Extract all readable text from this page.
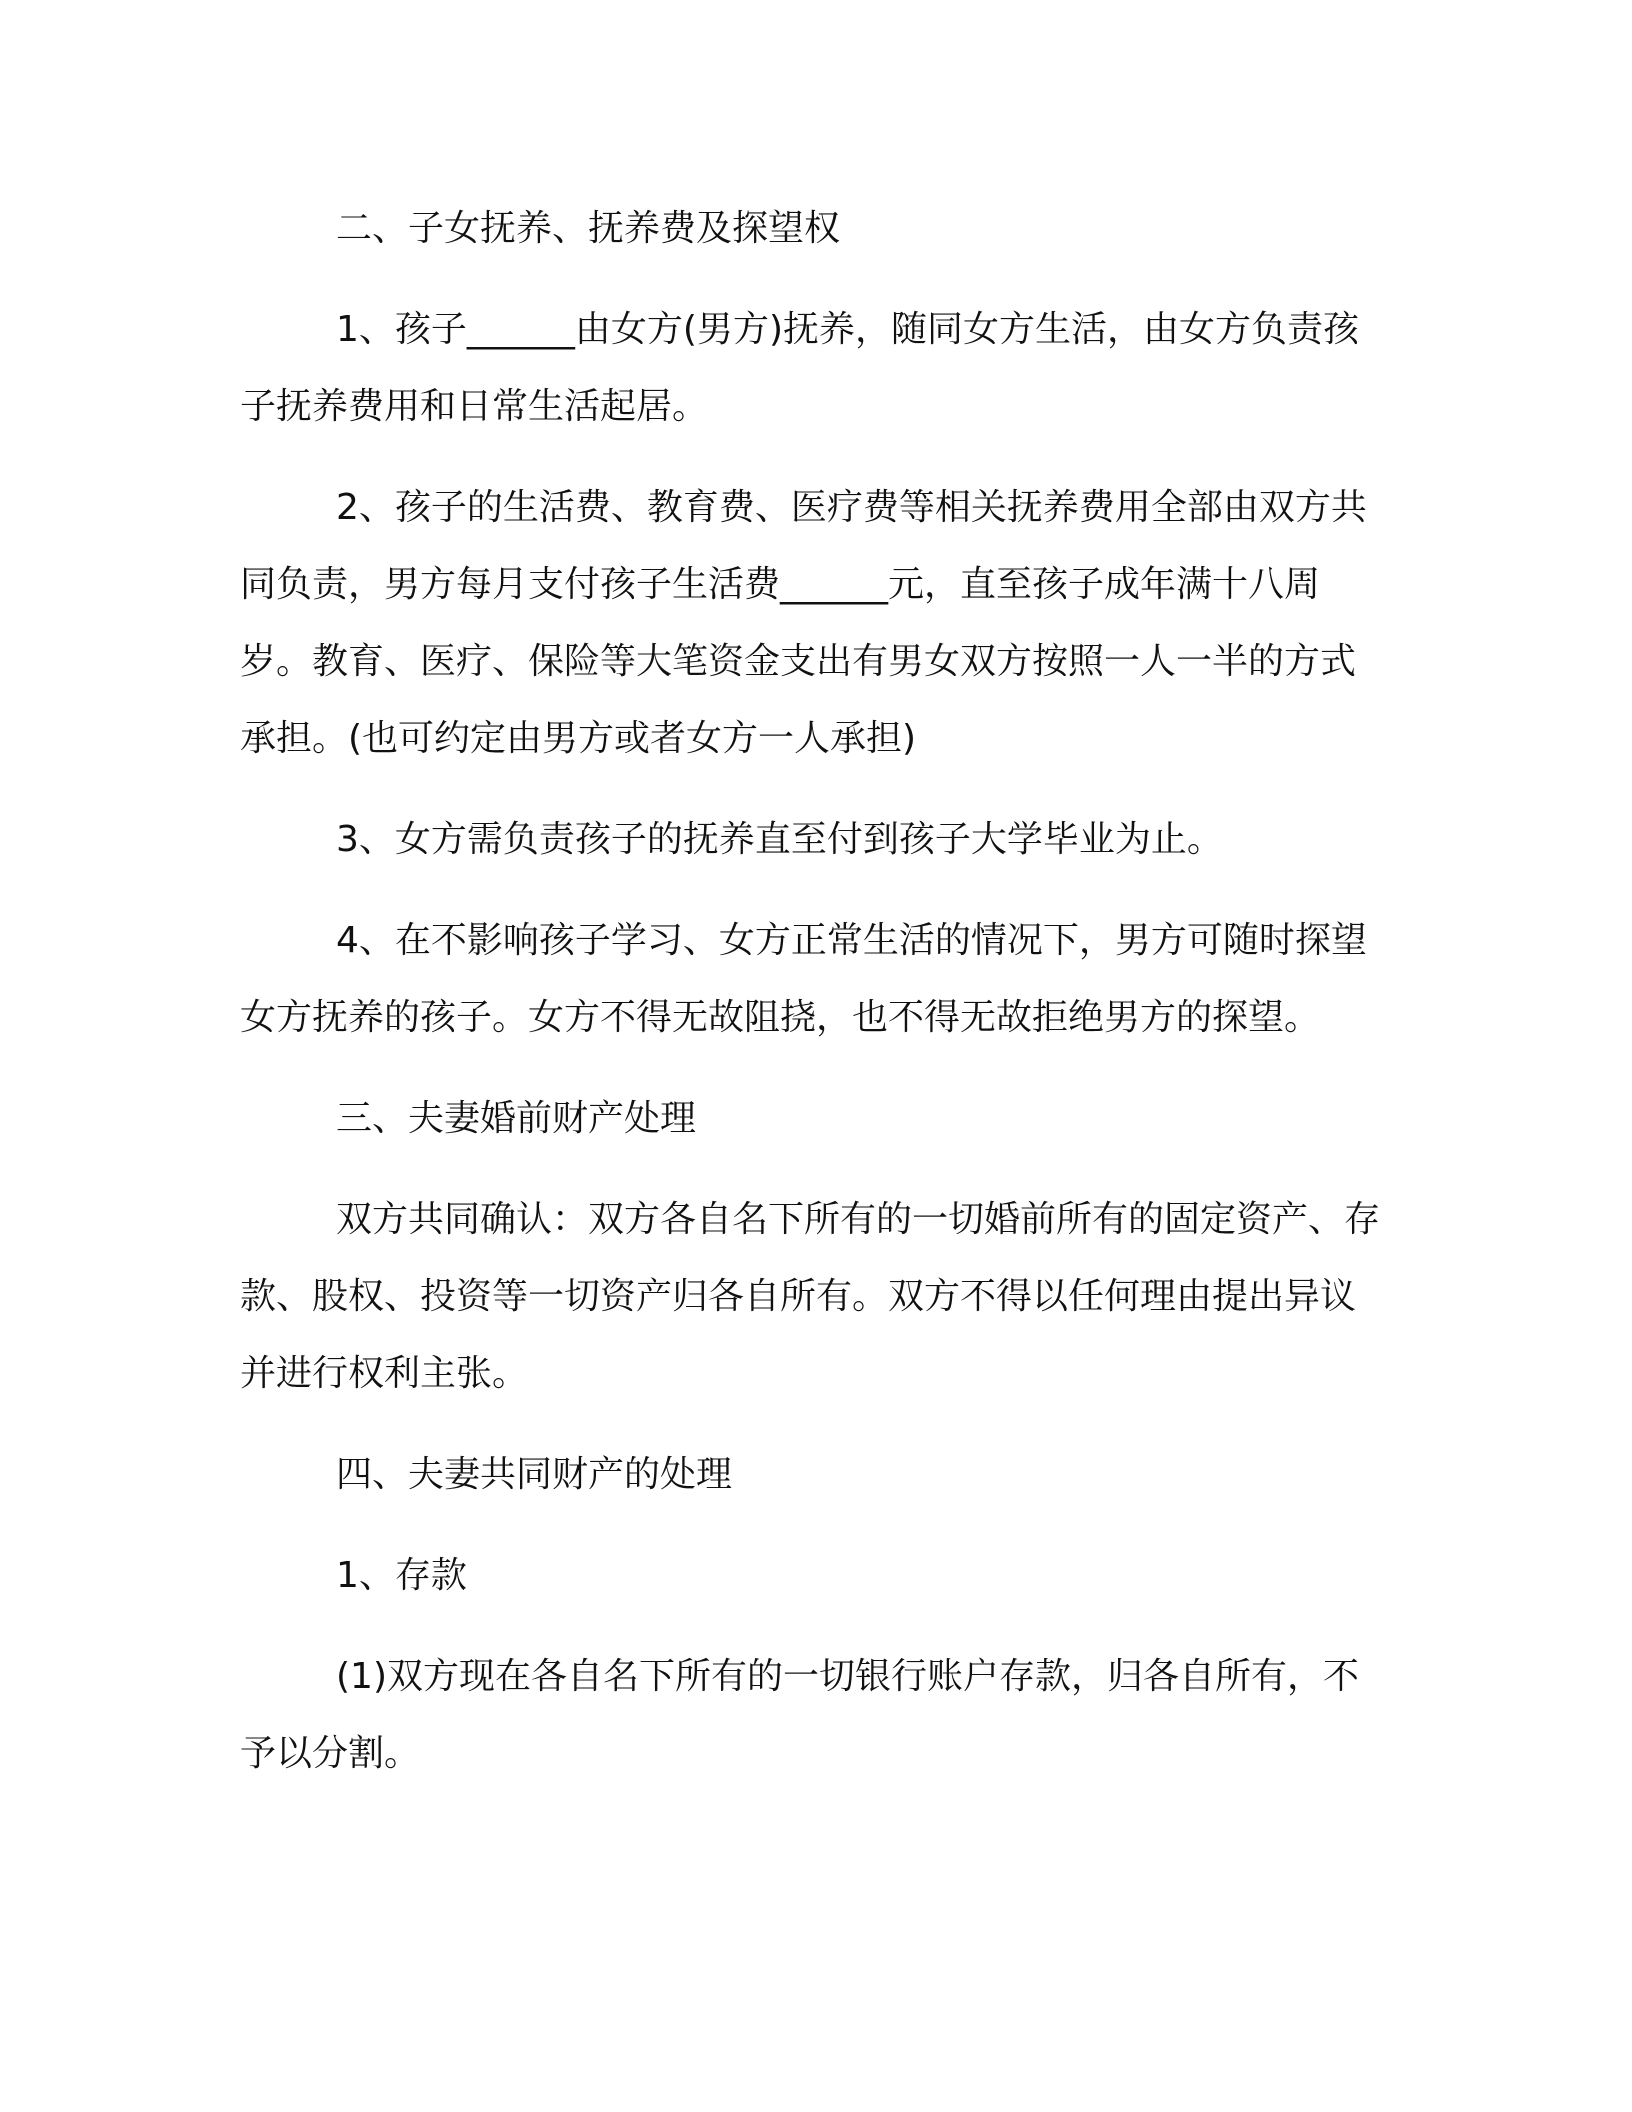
二、子女抚养、抚养费及探望权

1、孩子______由女方(男方)抚养，随同女方生活，由女方负责孩子抚养费用和日常生活起居。

2、孩子的生活费、教育费、医疗费等相关抚养费用全部由双方共同负责，男方每月支付孩子生活费______元，直至孩子成年满十八周岁。教育、医疗、保险等大笔资金支出有男女双方按照一人一半的方式承担。(也可约定由男方或者女方一人承担)

3、女方需负责孩子的抚养直至付到孩子大学毕业为止。

4、在不影响孩子学习、女方正常生活的情况下，男方可随时探望女方抚养的孩子。女方不得无故阻挠，也不得无故拒绝男方的探望。

三、夫妻婚前财产处理

双方共同确认：双方各自名下所有的一切婚前所有的固定资产、存款、股权、投资等一切资产归各自所有。双方不得以任何理由提出异议并进行权利主张。

四、夫妻共同财产的处理

1、存款

(1)双方现在各自名下所有的一切银行账户存款，归各自所有，不予以分割。
